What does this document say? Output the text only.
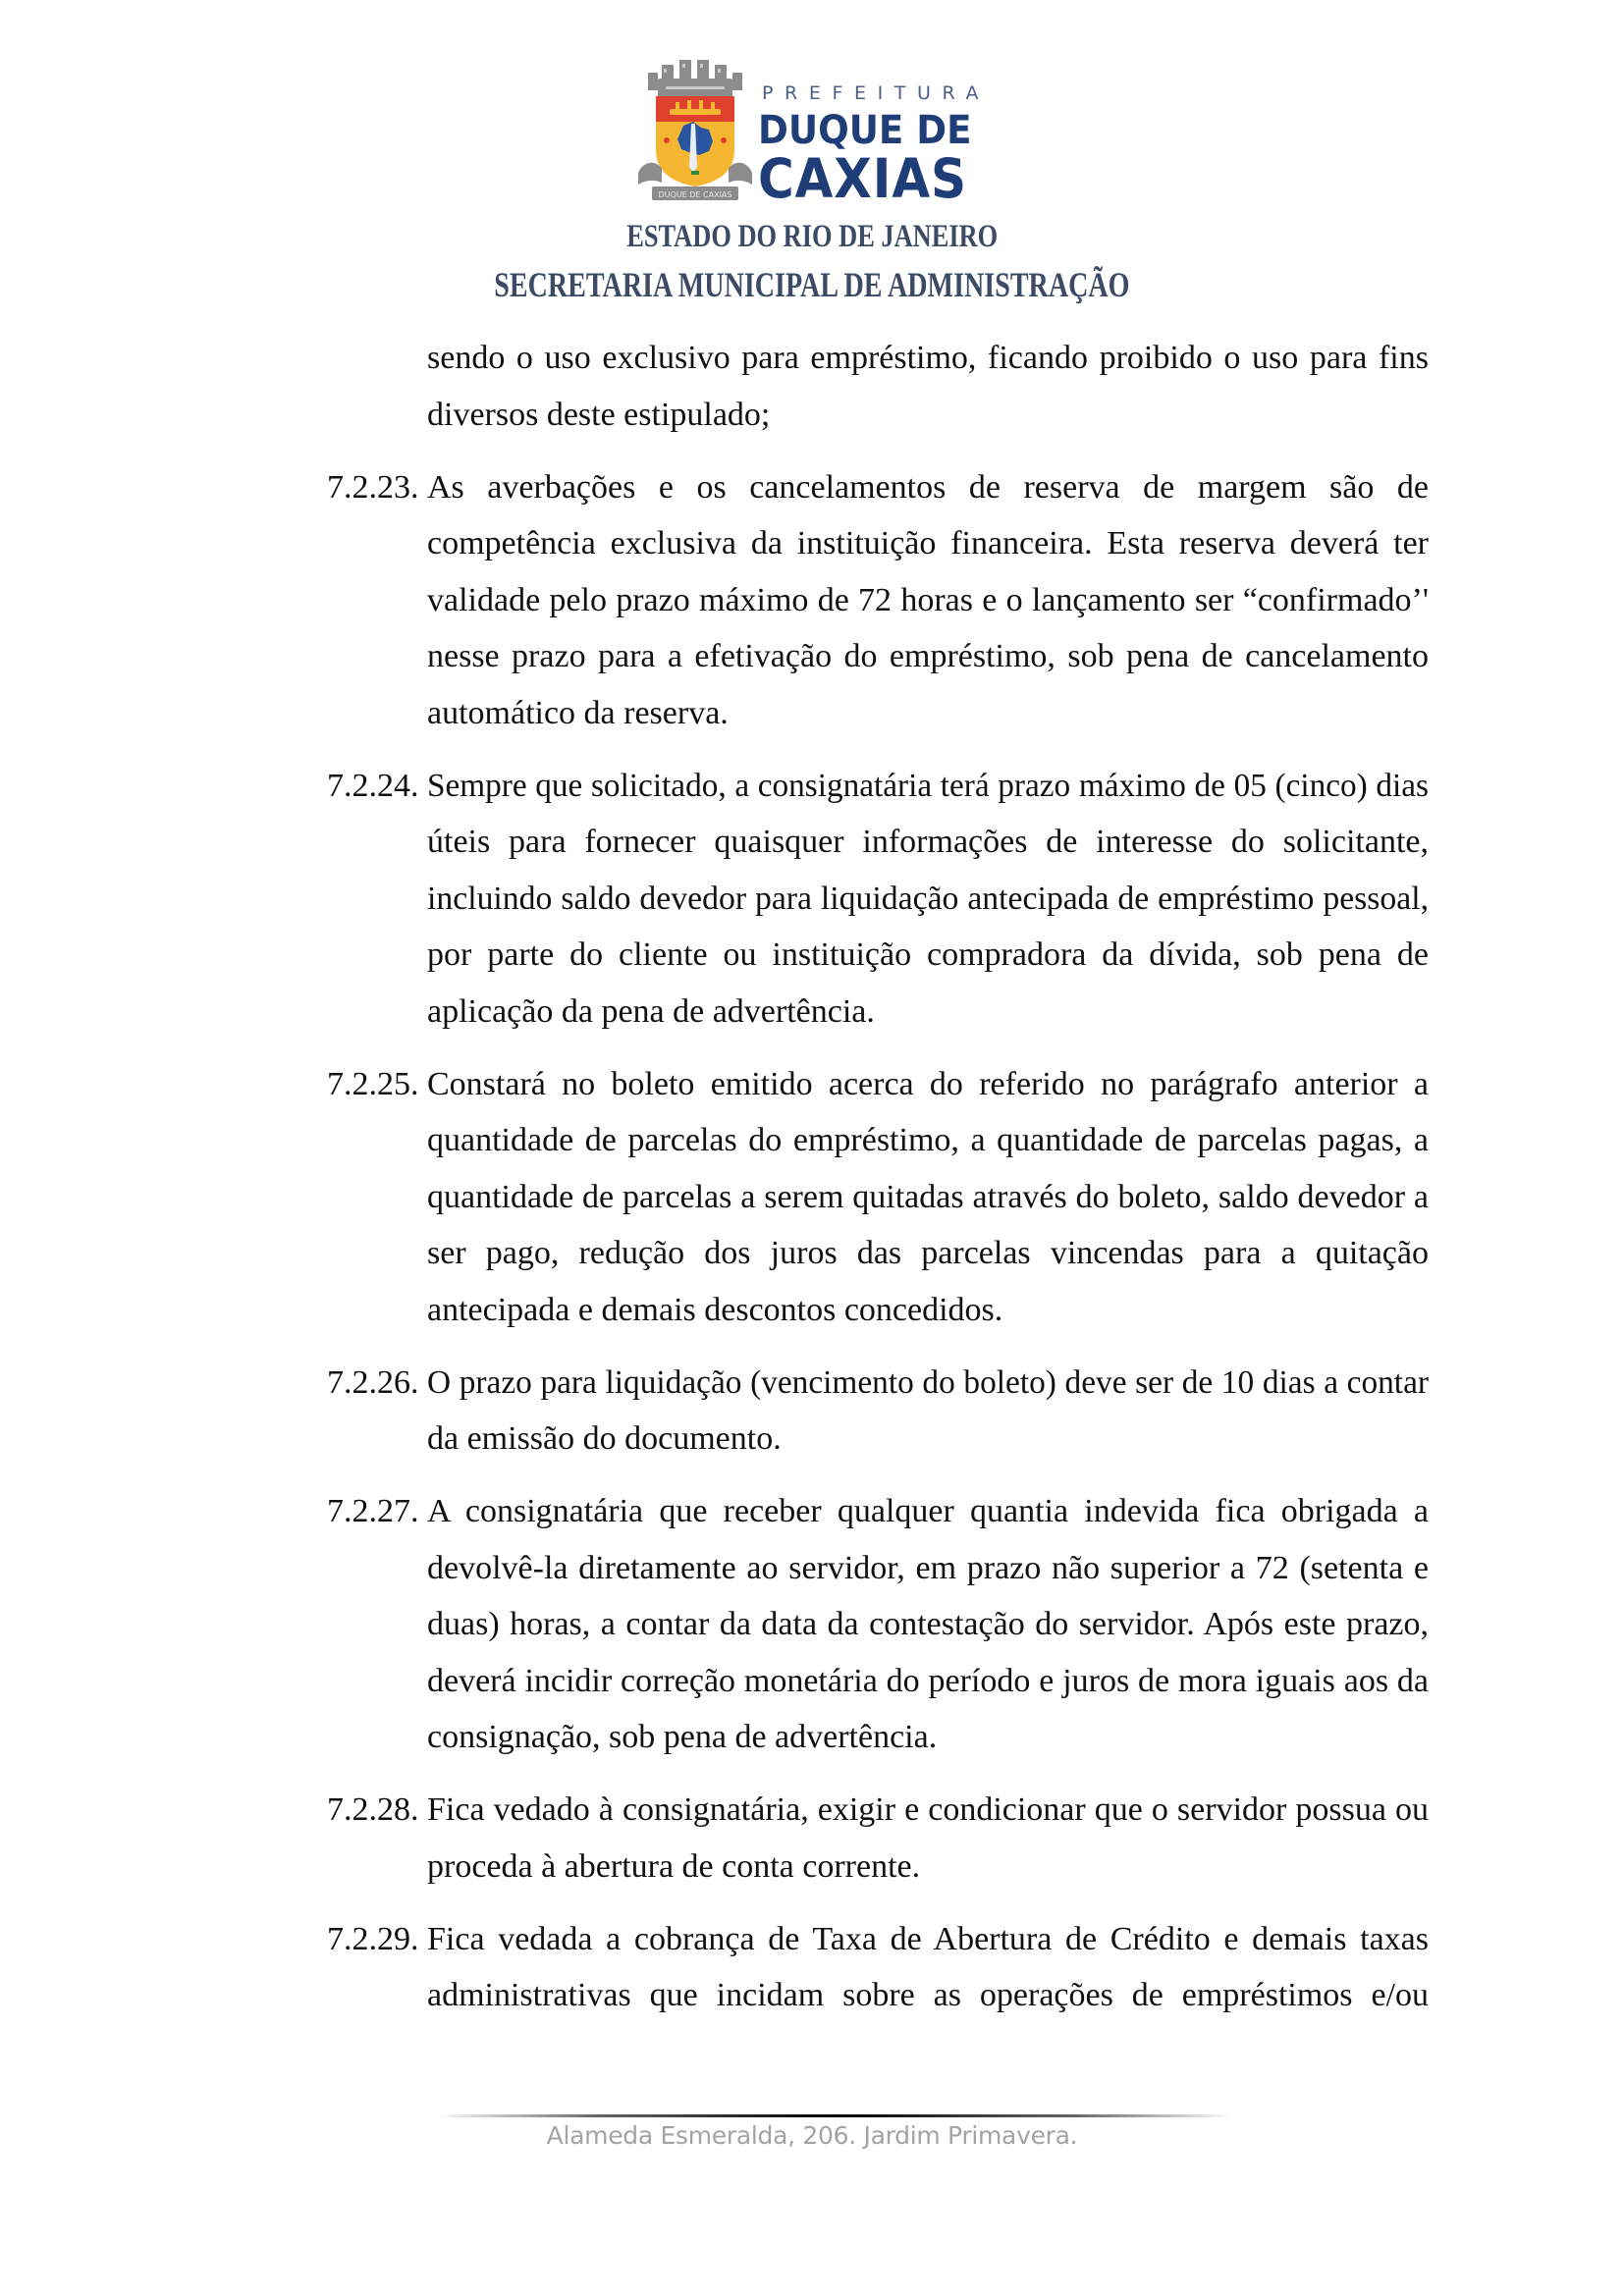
DUQUE DE CAXIAS
PREFEITURA
DUQUE DE
CAXIAS
ESTADO DO RIO DE JANEIRO
SECRETARIA MUNICIPAL DE ADMINISTRAÇÃO
sendo o uso exclusivo para empréstimo, ficando proibido o uso para fins
diversos deste estipulado;
7.2.23. As averbações e os cancelamentos de reserva de margem são de
competência exclusiva da instituição financeira. Esta reserva deverá ter
validade pelo prazo máximo de 72 horas e o lançamento ser “confirmado’'
nesse prazo para a efetivação do empréstimo, sob pena de cancelamento
automático da reserva.
7.2.24. Sempre que solicitado, a consignatária terá prazo máximo de 05 (cinco) dias
úteis para fornecer quaisquer informações de interesse do solicitante,
incluindo saldo devedor para liquidação antecipada de empréstimo pessoal,
por parte do cliente ou instituição compradora da dívida, sob pena de
aplicação da pena de advertência.
7.2.25. Constará no boleto emitido acerca do referido no parágrafo anterior a
quantidade de parcelas do empréstimo, a quantidade de parcelas pagas, a
quantidade de parcelas a serem quitadas através do boleto, saldo devedor a
ser pago, redução dos juros das parcelas vincendas para a quitação
antecipada e demais descontos concedidos.
7.2.26. O prazo para liquidação (vencimento do boleto) deve ser de 10 dias a contar
da emissão do documento.
7.2.27. A consignatária que receber qualquer quantia indevida fica obrigada a
devolvê-la diretamente ao servidor, em prazo não superior a 72 (setenta e
duas) horas, a contar da data da contestação do servidor. Após este prazo,
deverá incidir correção monetária do período e juros de mora iguais aos da
consignação, sob pena de advertência.
7.2.28. Fica vedado à consignatária, exigir e condicionar que o servidor possua ou
proceda à abertura de conta corrente.
7.2.29. Fica vedada a cobrança de Taxa de Abertura de Crédito e demais taxas
administrativas que incidam sobre as operações de empréstimos e/ou
Alameda Esmeralda, 206. Jardim Primavera.
